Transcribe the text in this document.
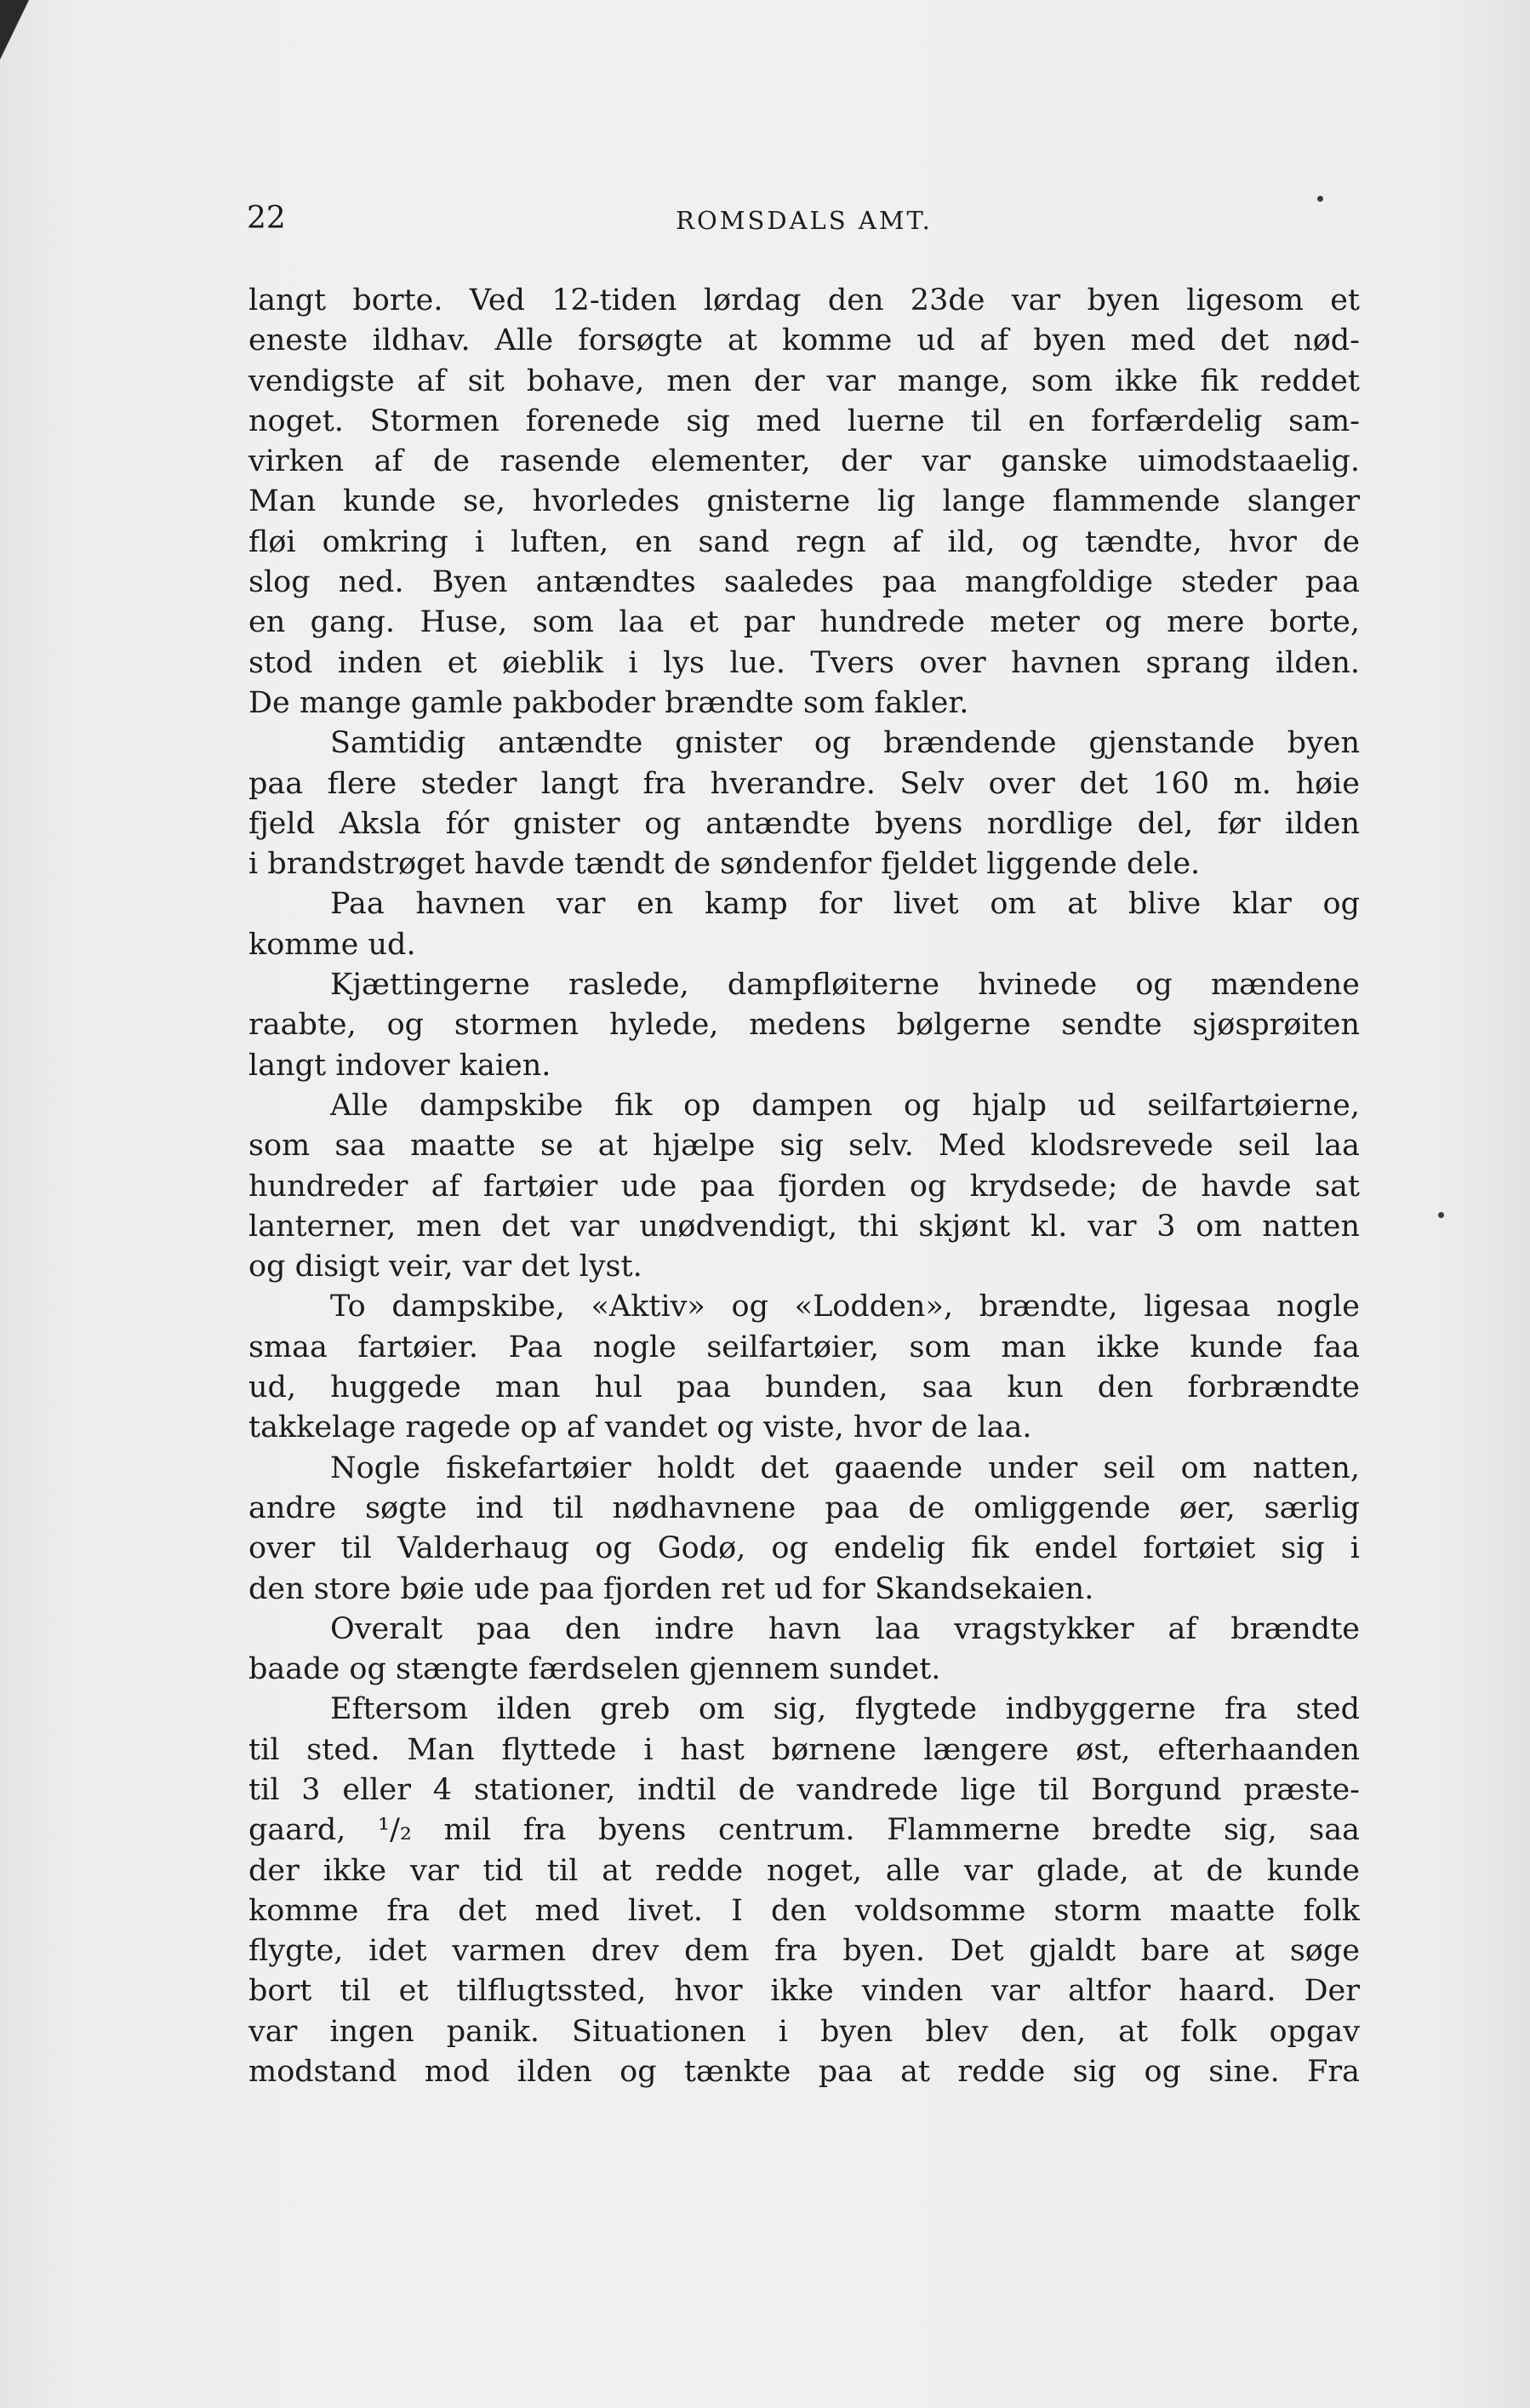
22	ROMSDALS AMT.
langt borte. Ved 12-tiden lørdag den 23de var byen ligesom et
eneste ildhav. Alle forsøgte at komme ud af byen med det nød-
vendigste af sit bohave, men der var mange, som ikke fik reddet
noget. Stormen forenede sig med luerne til en forfærdelig sam-
virken af de rasende elementer, der var ganske uimodstaaelig.
Man kunde se, hvorledes gnisterne lig lange flammende slanger
fløi omkring i luften, en sand regn af ild, og tændte, hvor de
slog ned. Byen antændtes saaledes paa mangfoldige steder paa
en gang. Huse, som laa et par hundrede meter og mere borte,
stod inden et øieblik i lys lue. Tvers over havnen sprang ilden.
De mange gamle pakboder brændte som fakler.
Samtidig antændte gnister og brændende gjenstande byen
paa flere steder langt fra hverandre. Selv over det 160 m. høie
fjeld Aksla fór gnister og antændte byens nordlige del, før ilden
i brandstrøget havde tændt de søndenfor fjeldet liggende dele.
Paa havnen var en kamp for livet om at blive klar og
komme ud.
Kjættingerne raslede, dampfløiterne hvinede og mændene
raabte, og stormen hylede, medens bølgerne sendte sjøsprøiten
langt indover kaien.
Alle dampskibe fik op dampen og hjalp ud seilfartøierne,
som saa maatte se at hjælpe sig selv. Med klodsrevede seil laa
hundreder af fartøier ude paa fjorden og krydsede; de havde sat
lanterner, men det var unødvendigt, thi skjønt kl. var 3 om natten
og disigt veir, var det lyst.
To dampskibe, «Aktiv» og «Lodden», brændte, ligesaa nogle
smaa fartøier. Paa nogle seilfartøier, som man ikke kunde faa
ud, huggede man hul paa bunden, saa kun den forbrændte
takkelage ragede op af vandet og viste, hvor de laa.
Nogle fiskefartøier holdt det gaaende under seil om natten,
andre søgte ind til nødhavnene paa de omliggende øer, særlig
over til Valderhaug og Godø, og endelig fik endel fortøiet sig i
den store bøie ude paa fjorden ret ud for Skandsekaien.
Overalt paa den indre havn laa vragstykker af brændte
baade og stængte færdselen gjennem sundet.
Eftersom ilden greb om sig, flygtede indbyggerne fra sted
til sted. Man flyttede i hast børnene længere øst, efterhaanden
til 3 eller 4 stationer, indtil de vandrede lige til Borgund præste-
gaard, ¹/₂ mil fra byens centrum. Flammerne bredte sig, saa
der ikke var tid til at redde noget, alle var glade, at de kunde
komme fra det med livet. I den voldsomme storm maatte folk
flygte, idet varmen drev dem fra byen. Det gjaldt bare at søge
bort til et tilflugtssted, hvor ikke vinden var altfor haard. Der
var ingen panik. Situationen i byen blev den, at folk opgav
modstand mod ilden og tænkte paa at redde sig og sine. Fra
